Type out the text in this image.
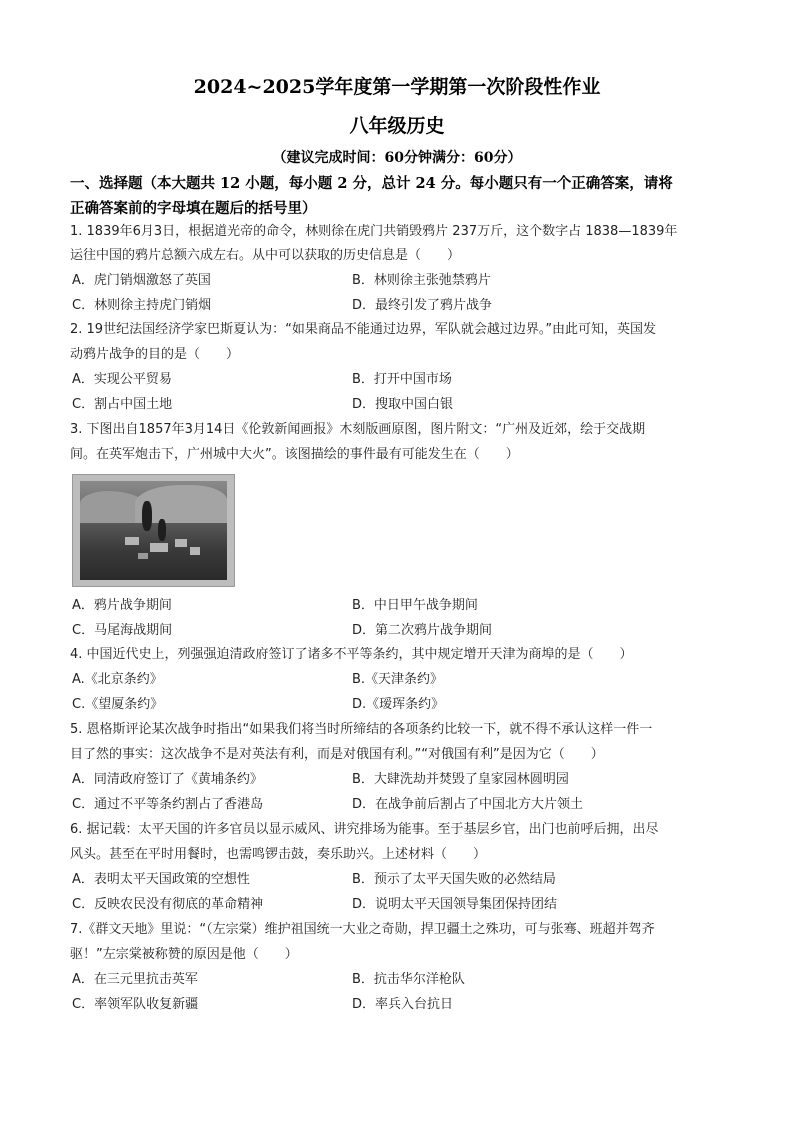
2024~2025学年度第一学期第一次阶段性作业
八年级历史
（建议完成时间：60分钟满分：60分）
一、选择题（本大题共 12 小题，每小题 2 分，总计 24 分。每小题只有一个正确答案，请将
正确答案前的字母填在题后的括号里）
1. 1839年6月3日，根据道光帝的命令，林则徐在虎门共销毁鸦片 237万斤，这个数字占 1838—1839年
运往中国的鸦片总额六成左右。从中可以获取的历史信息是（　　）
A．虎门销烟激怒了英国	B．林则徐主张弛禁鸦片
C．林则徐主持虎门销烟	D．最终引发了鸦片战争
2. 19世纪法国经济学家巴斯夏认为：“如果商品不能通过边界，军队就会越过边界。”由此可知，英国发
动鸦片战争的目的是（　　）
A．实现公平贸易	B．打开中国市场
C．割占中国土地	D．搜取中国白银
3. 下图出自1857年3月14日《伦敦新闻画报》木刻版画原图，图片附文：“广州及近郊，绘于交战期
间。在英军炮击下，广州城中大火”。该图描绘的事件最有可能发生在（　　）
A．鸦片战争期间	B．中日甲午战争期间
C．马尾海战期间	D．第二次鸦片战争期间
4. 中国近代史上，列强强迫清政府签订了诸多不平等条约，其中规定增开天津为商埠的是（　　）
A.《北京条约》	B.《天津条约》
C.《望厦条约》	D.《瑷珲条约》
5. 恩格斯评论某次战争时指出“如果我们将当时所缔结的各项条约比较一下，就不得不承认这样一件一
目了然的事实：这次战争不是对英法有利，而是对俄国有利。”“对俄国有利”是因为它（　　）
A．同清政府签订了《黄埔条约》	B．大肆洗劫并焚毁了皇家园林圆明园
C．通过不平等条约割占了香港岛	D．在战争前后割占了中国北方大片领土
6. 据记载：太平天国的许多官员以显示威风、讲究排场为能事。至于基层乡官，出门也前呼后拥，出尽
风头。甚至在平时用餐时，也需鸣锣击鼓，奏乐助兴。上述材料（　　）
A．表明太平天国政策的空想性	B．预示了太平天国失败的必然结局
C．反映农民没有彻底的革命精神	D．说明太平天国领导集团保持团结
7.《群文天地》里说：“（左宗棠）维护祖国统一大业之奇勋，捍卫疆土之殊功，可与张骞、班超并驾齐
驱！”左宗棠被称赞的原因是他（　　）
A．在三元里抗击英军	B．抗击华尔洋枪队
C．率领军队收复新疆	D．率兵入台抗日
